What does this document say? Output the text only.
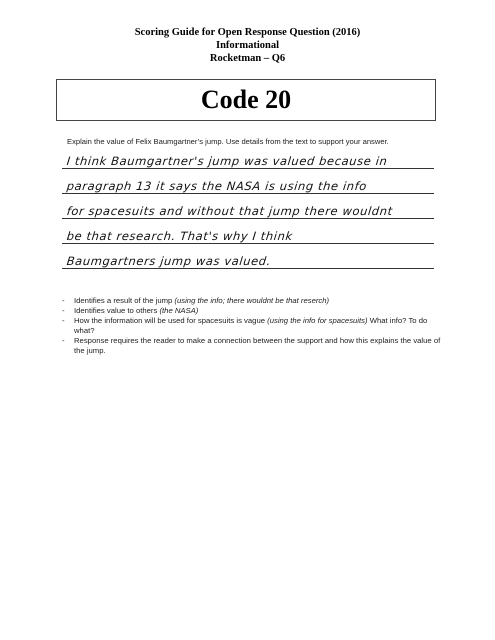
Scoring Guide for Open Response Question (2016)
Informational
Rocketman – Q6
Code 20
Explain the value of Felix Baumgartner’s jump. Use details from the text to support your answer.
I think Baumgartner's jump was valued because in
paragraph 13 it says the NASA is using the info
for spacesuits and without that jump there wouldnt
be that research. That's why I think
Baumgartners jump was valued.
- Identifies a result of the jump (using the info; there wouldnt be that reserch)
- Identifies value to others (the NASA)
- How the information will be used for spacesuits is vague (using the info for spacesuits) What info? To do what?
- Response requires the reader to make a connection between the support and how this explains the value of the jump.
